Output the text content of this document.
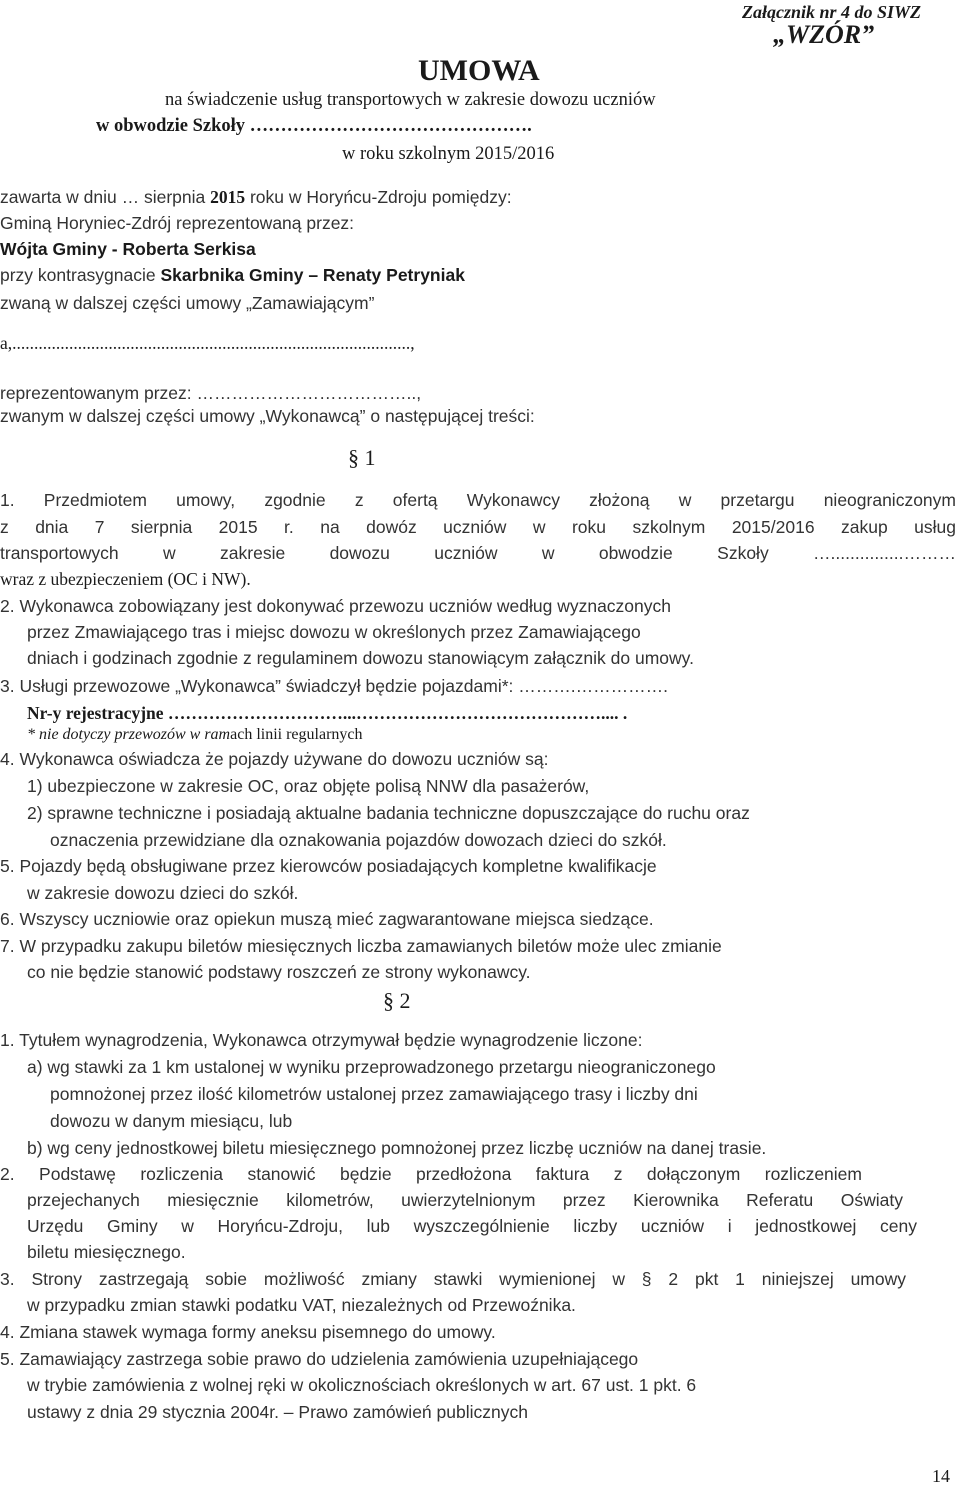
Załącznik nr 4 do SIWZ
„WZÓR”
UMOWA
na świadczenie usług transportowych w zakresie dowozu uczniów
w obwodzie Szkoły ……………………………………….
w roku szkolnym 2015/2016
zawarta w dniu … sierpnia 2015 roku w Horyńcu-Zdroju pomiędzy:
Gminą Horyniec-Zdrój reprezentowaną przez:
Wójta Gminy - Roberta Serkisa
przy kontrasygnacie Skarbnika Gminy – Renaty Petryniak
zwaną w dalszej części umowy „Zamawiającym”
a,...........................................................................................,
reprezentowanym przez: ………………………………..,
zwanym w dalszej części umowy „Wykonawcą” o następującej treści:
§ 1
1. Przedmiotem umowy, zgodnie z ofertą Wykonawcy złożoną w przetargu nieograniczonym
z dnia 7 sierpnia 2015 r. na dowóz uczniów w roku szkolnym 2015/2016 zakup usług
transportowych w zakresie dowozu uczniów w obwodzie Szkoły …...............………
wraz z ubezpieczeniem (OC i NW).
2. Wykonawca zobowiązany jest dokonywać przewozu uczniów według wyznaczonych
przez Zmawiającego tras i miejsc dowozu w określonych przez Zamawiającego
dniach i godzinach zgodnie z regulaminem dowozu stanowiącym załącznik do umowy.
3. Usługi przewozowe „Wykonawca” świadczył będzie pojazdami*: ……….…………….
Nr-y rejestracyjne …………………………...…………………………………….... .
* nie dotyczy przewozów w ramach linii regularnych
4. Wykonawca oświadcza że pojazdy używane do dowozu uczniów są:
1) ubezpieczone w zakresie OC, oraz objęte polisą NNW dla pasażerów,
2) sprawne techniczne i posiadają aktualne badania techniczne dopuszczające do ruchu oraz
oznaczenia przewidziane dla oznakowania pojazdów dowozach dzieci do szkół.
5. Pojazdy będą obsługiwane przez kierowców posiadających kompletne kwalifikacje
w zakresie dowozu dzieci do szkół.
6. Wszyscy uczniowie oraz opiekun muszą mieć zagwarantowane miejsca siedzące.
7. W przypadku zakupu biletów miesięcznych liczba zamawianych biletów może ulec zmianie
co nie będzie stanowić podstawy roszczeń ze strony wykonawcy.
§ 2
1. Tytułem wynagrodzenia, Wykonawca otrzymywał będzie wynagrodzenie liczone:
a) wg stawki za 1 km ustalonej w wyniku przeprowadzonego przetargu nieograniczonego
pomnożonej przez ilość kilometrów ustalonej przez zamawiającego trasy i liczby dni
dowozu w danym miesiącu, lub
b) wg ceny jednostkowej biletu miesięcznego pomnożonej przez liczbę uczniów na danej trasie.
2. Podstawę rozliczenia stanowić będzie przedłożona faktura z dołączonym rozliczeniem
przejechanych miesięcznie kilometrów, uwierzytelnionym przez Kierownika Referatu Oświaty
Urzędu Gminy w Horyńcu-Zdroju, lub wyszczególnienie liczby uczniów i jednostkowej ceny
biletu miesięcznego.
3. Strony zastrzegają sobie możliwość zmiany stawki wymienionej w § 2 pkt 1 niniejszej umowy
w przypadku zmian stawki podatku VAT, niezależnych od Przewoźnika.
4. Zmiana stawek wymaga formy aneksu pisemnego do umowy.
5. Zamawiający zastrzega sobie prawo do udzielenia zamówienia uzupełniającego
w trybie zamówienia z wolnej ręki w okolicznościach określonych w art. 67 ust. 1 pkt. 6
ustawy z dnia 29 stycznia 2004r. – Prawo zamówień publicznych
14
